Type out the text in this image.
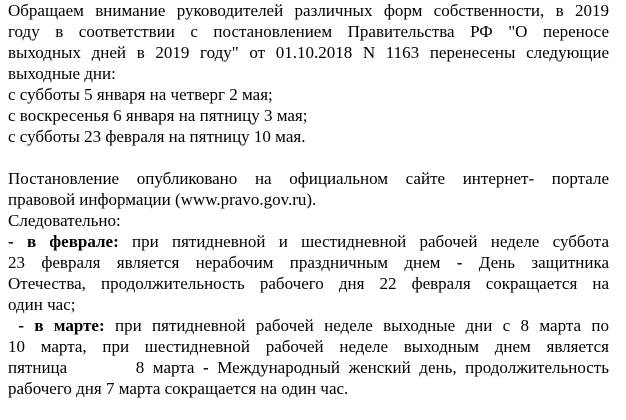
Обращаем внимание руководителей различных форм собственности, в 2019
году в соответствии с постановлением Правительства РФ "О переносе
выходных дней в 2019 году" от 01.10.2018 N 1163 перенесены следующие
выходные дни:
с субботы 5 января на четверг 2 мая;
с воскресенья 6 января на пятницу 3 мая;
с субботы 23 февраля на пятницу 10 мая.
Постановление опубликовано на официальном сайте интернет- портале
правовой информации (www.pravo.gov.ru).
Следовательно:
- в феврале: при пятидневной и шестидневной рабочей неделе суббота
23 февраля является нерабочим праздничным днем - День защитника
Отечества, продолжительность рабочего дня 22 февраля сокращается на
один час;
- в марте: при пятидневной рабочей неделе выходные дни с 8 марта по
10 марта, при шестидневной рабочей неделе выходным днем является
пятница        8 марта - Международный женский день, продолжительность
рабочего дня 7 марта сокращается на один час.
